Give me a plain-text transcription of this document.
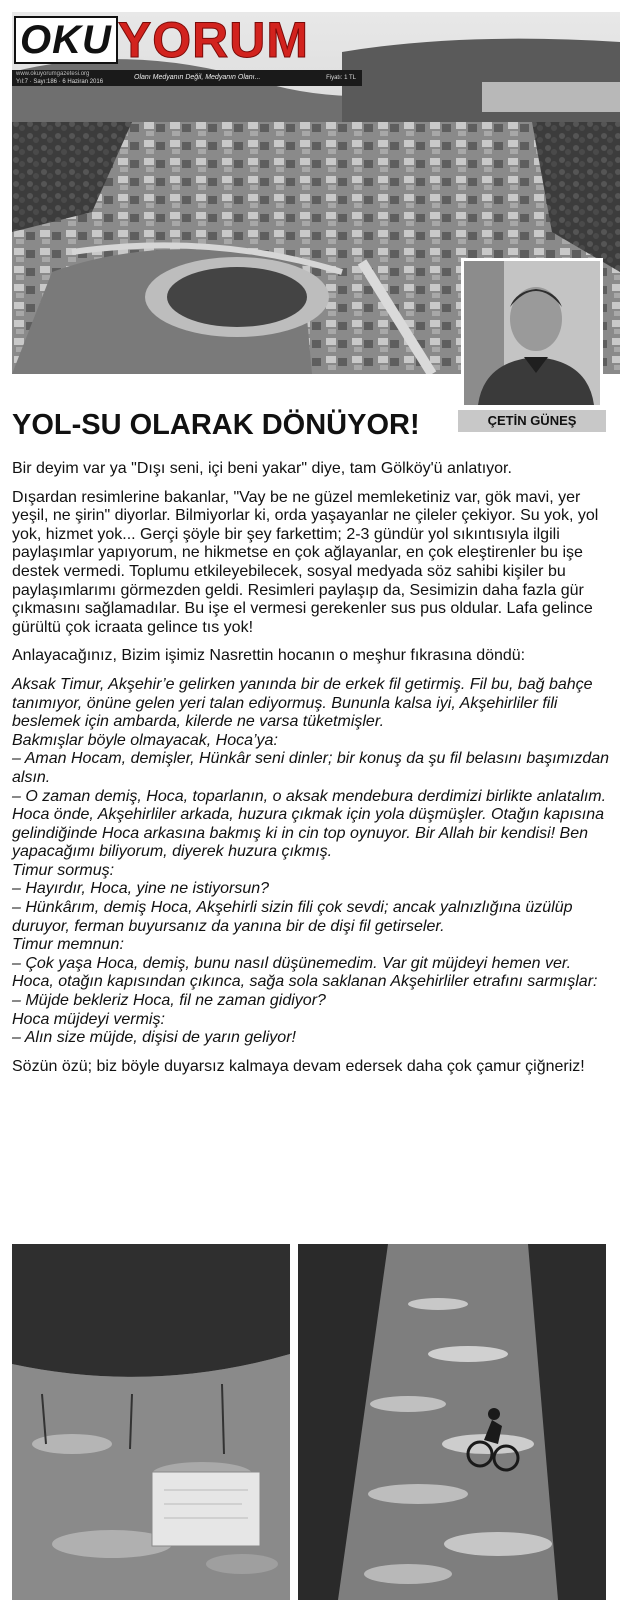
OKU YORUM
www.okuyorumgazetesi.org
Yıl:7 · Sayı:186 · 6 Haziran 2016
Olanı Medyanın Değil, Medyanın Olanı...	Fiyatı: 1 TL
ÇETİN GÜNEŞ
YOL-SU OLARAK DÖNÜYOR!

Bir deyim var ya "Dışı seni, içi beni yakar" diye, tam Gölköy'ü anlatıyor.

Dışardan resimlerine bakanlar, "Vay be ne güzel memleketiniz var, gök mavi, yer yeşil, ne şirin" diyorlar. Bilmiyorlar ki, orda yaşayanlar ne çileler çekiyor. Su yok, yol yok, hizmet yok... Gerçi şöyle bir şey farkettim; 2-3 gündür yol sıkıntısıyla ilgili paylaşımlar yapıyorum, ne hikmetse en çok ağlayanlar, en çok eleştirenler bu işe destek vermedi. Toplumu etkileyebilecek, sosyal medyada söz sahibi kişiler bu paylaşımlarımı görmezden geldi. Resimleri paylaşıp da, Sesimizin daha fazla gür çıkmasını sağlamadılar. Bu işe el vermesi gerekenler sus pus oldular. Lafa gelince gürültü çok icraata gelince tıs yok!

Anlayacağınız, Bizim işimiz Nasrettin hocanın o meşhur fıkrasına döndü:

Aksak Timur, Akşehir’e gelirken yanında bir de erkek fil getirmiş. Fil bu, bağ bahçe tanımıyor, önüne gelen yeri talan ediyormuş. Bununla kalsa iyi, Akşehirliler fili beslemek için ambarda, kilerde ne varsa tüketmişler.
Bakmışlar böyle olmayacak, Hoca’ya:
– Aman Hocam, demişler, Hünkâr seni dinler; bir konuş da şu fil belasını başımızdan alsın.
– O zaman demiş, Hoca, toparlanın, o aksak mendebura derdimizi birlikte anlatalım.
Hoca önde, Akşehirliler arkada, huzura çıkmak için yola düşmüşler. Otağın kapısına gelindiğinde Hoca arkasına bakmış ki in cin top oynuyor. Bir Allah bir kendisi! Ben yapacağımı biliyorum, diyerek huzura çıkmış.
Timur sormuş:
– Hayırdır, Hoca, yine ne istiyorsun?
– Hünkârım, demiş Hoca, Akşehirli sizin fili çok sevdi; ancak yalnızlığına üzülüp duruyor, ferman buyursanız da yanına bir de dişi fil getirseler.
Timur memnun:
– Çok yaşa Hoca, demiş, bunu nasıl düşünemedim. Var git müjdeyi hemen ver.
Hoca, otağın kapısından çıkınca, sağa sola saklanan Akşehirliler etrafını sarmışlar:
– Müjde bekleriz Hoca, fil ne zaman gidiyor?
Hoca müjdeyi vermiş:
– Alın size müjde, dişisi de yarın geliyor!

Sözün özü; biz böyle duyarsız kalmaya devam edersek daha çok çamur çiğneriz!
